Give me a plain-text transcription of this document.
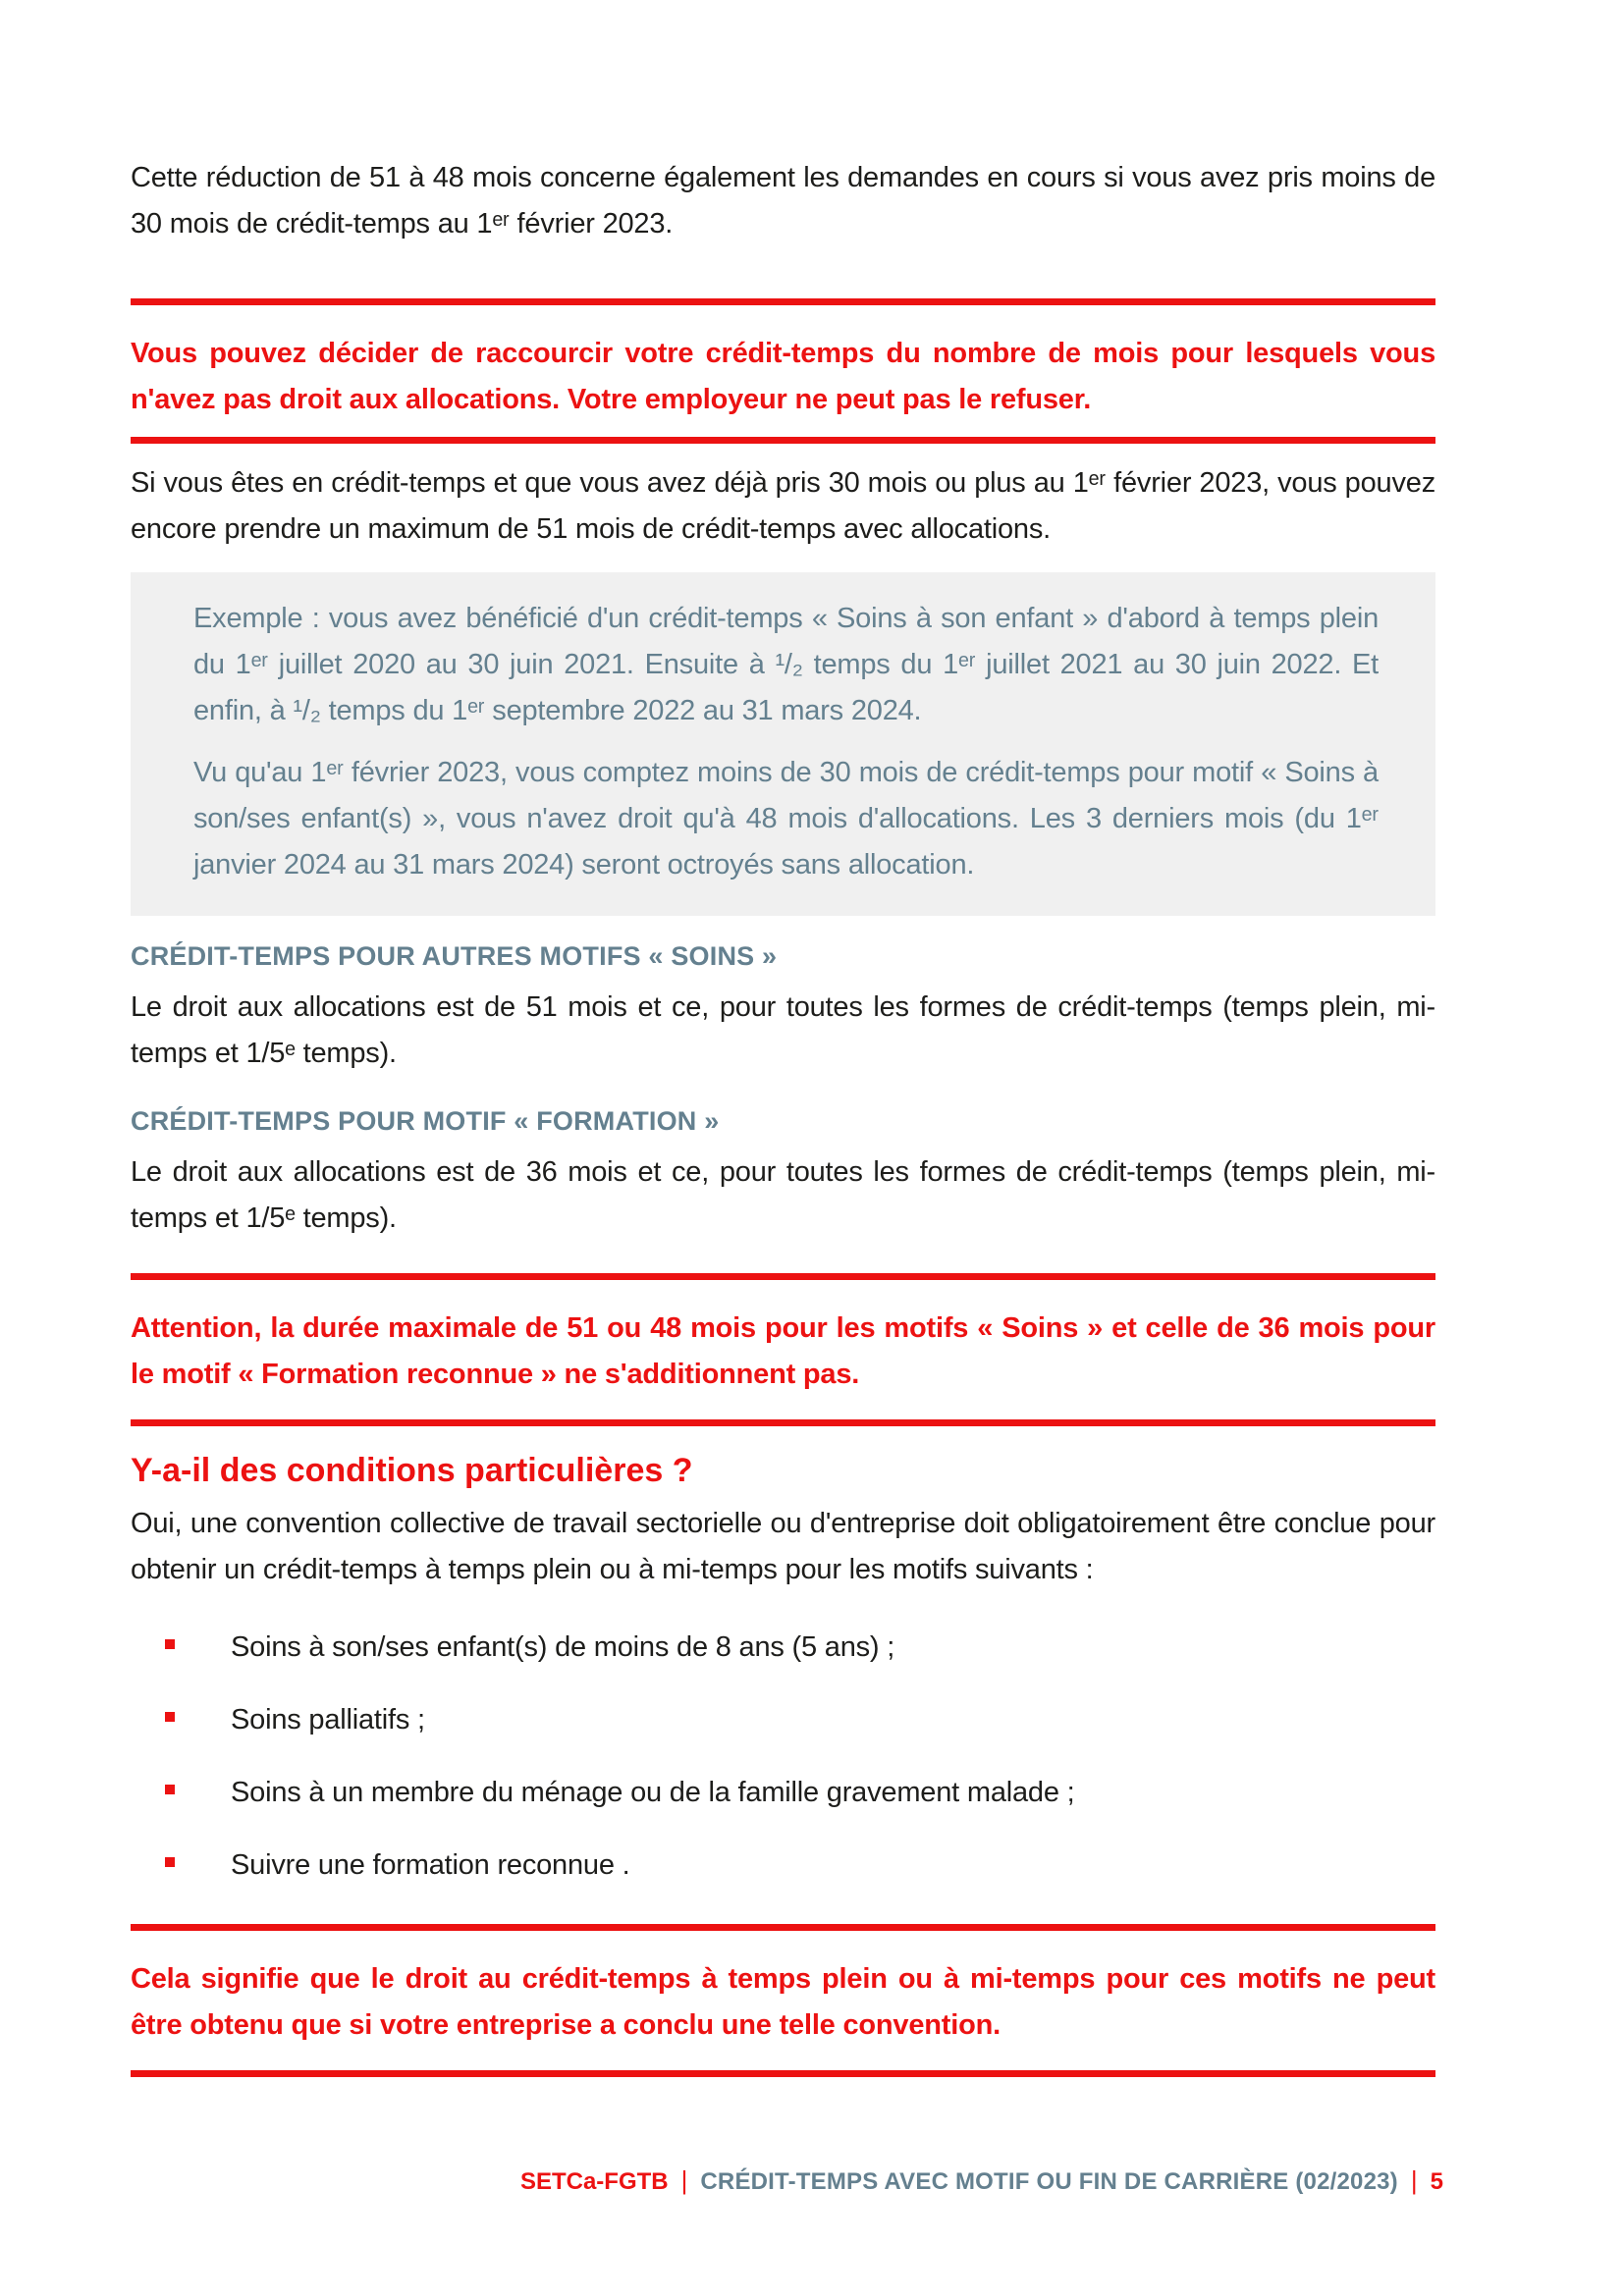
Cette réduction de 51 à 48 mois concerne également les demandes en cours si vous avez pris moins de 30 mois de crédit-temps au 1ᵉʳ février 2023.

Vous pouvez décider de raccourcir votre crédit-temps du nombre de mois pour lesquels vous n'avez pas droit aux allocations. Votre employeur ne peut pas le refuser.

Si vous êtes en crédit-temps et que vous avez déjà pris 30 mois ou plus au 1ᵉʳ février 2023, vous pouvez encore prendre un maximum de 51 mois de crédit-temps avec allocations.

Exemple : vous avez bénéficié d'un crédit-temps « Soins à son enfant » d'abord à temps plein du 1ᵉʳ juillet 2020 au 30 juin 2021. Ensuite à ¹/₂ temps du 1ᵉʳ juillet 2021 au 30 juin 2022. Et enfin, à ¹/₂ temps du 1ᵉʳ septembre 2022 au 31 mars 2024.

Vu qu'au 1ᵉʳ février 2023, vous comptez moins de 30 mois de crédit-temps pour motif « Soins à son/ses enfant(s) », vous n'avez droit qu'à 48 mois d'allocations. Les 3 derniers mois (du 1ᵉʳ janvier 2024 au 31 mars 2024) seront octroyés sans allocation.

CRÉDIT-TEMPS POUR AUTRES MOTIFS « SOINS »

Le droit aux allocations est de 51 mois et ce, pour toutes les formes de crédit-temps (temps plein, mi-temps et 1/5ᵉ temps).

CRÉDIT-TEMPS POUR MOTIF « FORMATION »

Le droit aux allocations est de 36 mois et ce, pour toutes les formes de crédit-temps (temps plein, mi-temps et 1/5ᵉ temps).

Attention, la durée maximale de 51 ou 48 mois pour les motifs « Soins » et celle de 36 mois pour le motif « Formation reconnue » ne s'additionnent pas.

Y-a-il des conditions particulières ?

Oui, une convention collective de travail sectorielle ou d'entreprise doit obligatoirement être conclue pour obtenir un crédit-temps à temps plein ou à mi-temps pour les motifs suivants :

Soins à son/ses enfant(s) de moins de 8 ans (5 ans) ;
Soins palliatifs ;
Soins à un membre du ménage ou de la famille gravement malade ;
Suivre une formation reconnue .

Cela signifie que le droit au crédit-temps à temps plein ou à mi-temps pour ces motifs ne peut être obtenu que si votre entreprise a conclu une telle convention.

SETCa-FGTB | CRÉDIT-TEMPS AVEC MOTIF OU FIN DE CARRIÈRE (02/2023) | 5
